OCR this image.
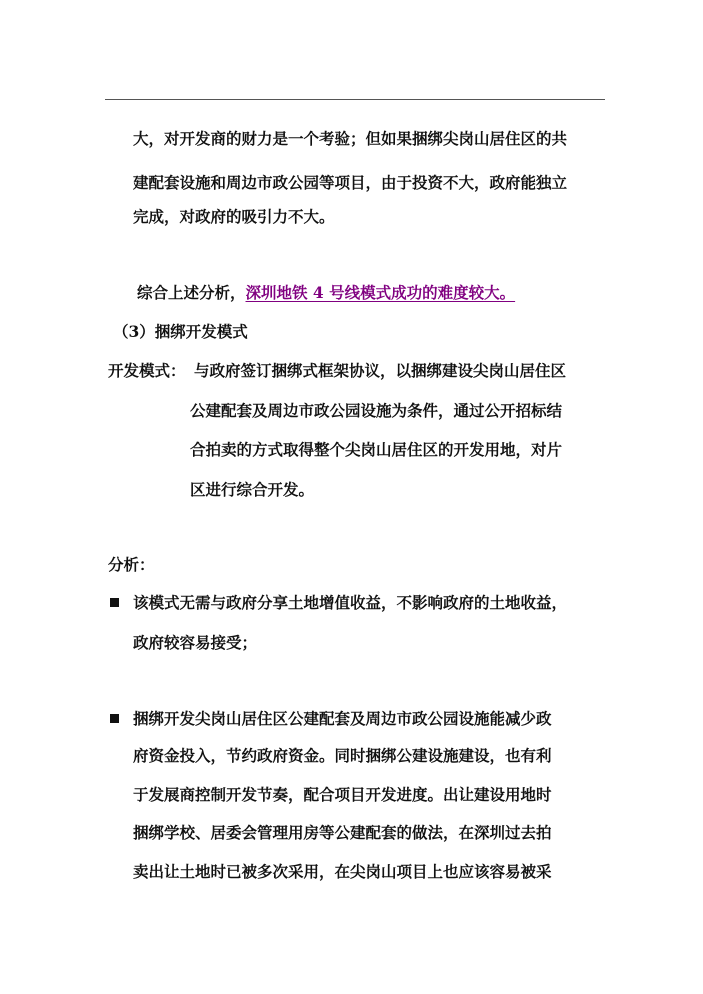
大，对开发商的财力是一个考验；但如果捆绑尖岗山居住区的共
建配套设施和周边市政公园等项目，由于投资不大，政府能独立
完成，对政府的吸引力不大。
综合上述分析，深圳地铁 4 号线模式成功的难度较大。
（3）捆绑开发模式
开发模式： 与政府签订捆绑式框架协议，以捆绑建设尖岗山居住区
公建配套及周边市政公园设施为条件，通过公开招标结
合拍卖的方式取得整个尖岗山居住区的开发用地，对片
区进行综合开发。
分析：
该模式无需与政府分享土地增值收益，不影响政府的土地收益，
政府较容易接受；
捆绑开发尖岗山居住区公建配套及周边市政公园设施能减少政
府资金投入，节约政府资金。同时捆绑公建设施建设，也有利
于发展商控制开发节奏，配合项目开发进度。出让建设用地时
捆绑学校、居委会管理用房等公建配套的做法，在深圳过去拍
卖出让土地时已被多次采用，在尖岗山项目上也应该容易被采
